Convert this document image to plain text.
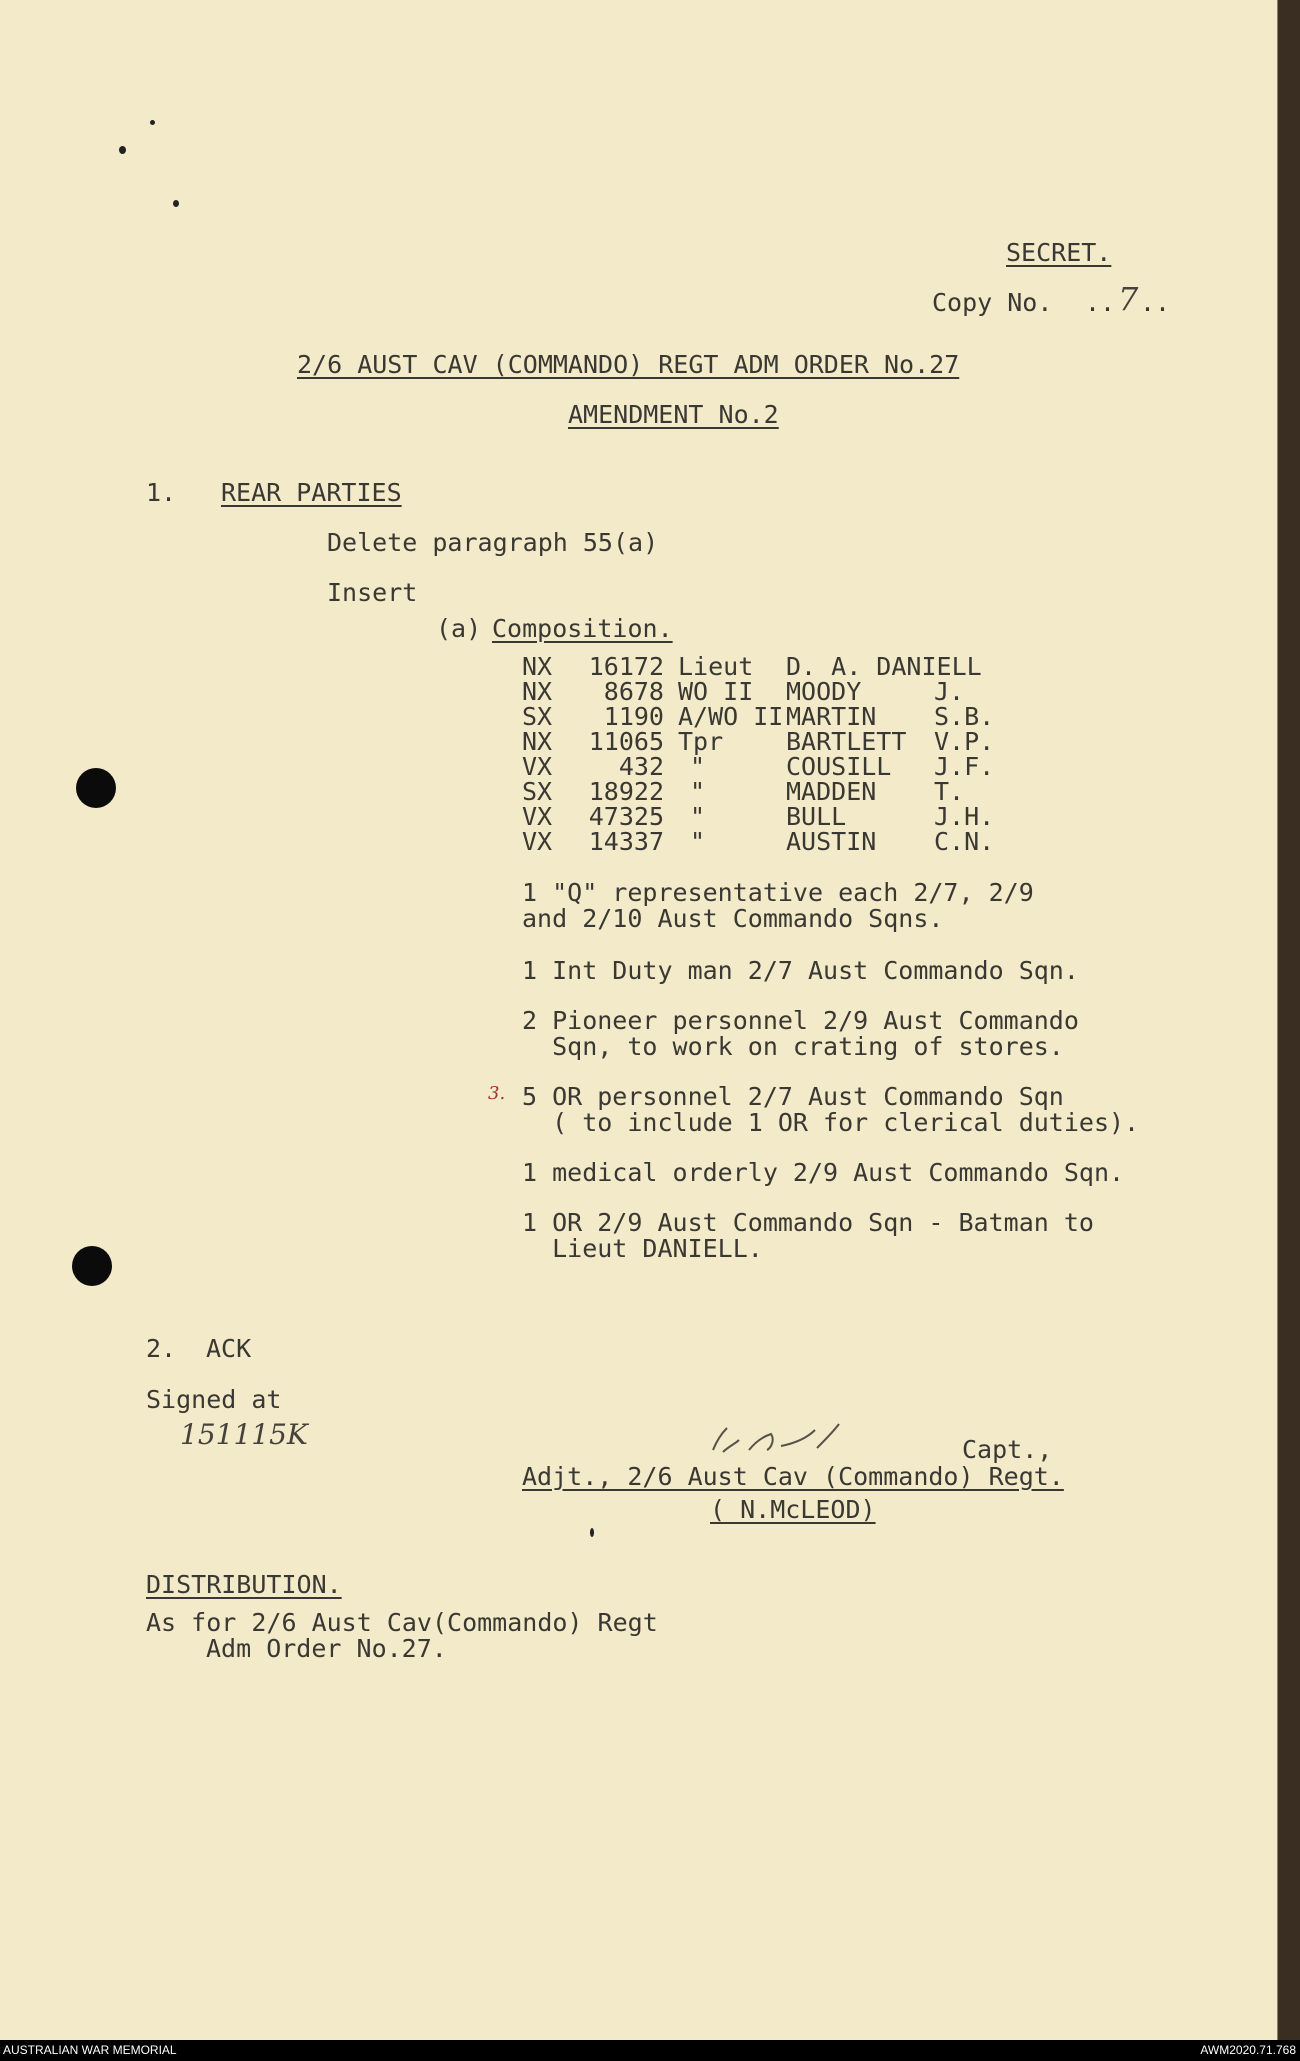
SECRET.
Copy No. .. 7 ..
2/6 AUST CAV (COMMANDO) REGT ADM ORDER No.27
AMENDMENT No.2
1. REAR PARTIES
Delete paragraph 55(a)
Insert
(a) Composition.
NX	16172	Lieut	D. A. DANIELL	
NX	8678	WO II	MOODY	J.
SX	1190	A/WO II	MARTIN	S.B.
NX	11065	Tpr	BARTLETT	V.P.
VX	432	"	COUSILL	J.F.
SX	18922	"	MADDEN	T.
VX	47325	"	BULL	J.H.
VX	14337	"	AUSTIN	C.N.
1 "Q" representative each 2/7, 2/9
and 2/10 Aust Commando Sqns.
1 Int Duty man 2/7 Aust Commando Sqn.
2 Pioneer personnel 2/9 Aust Commando
Sqn, to work on crating of stores.
3. 5 OR personnel 2/7 Aust Commando Sqn
( to include 1 OR for clerical duties).
1 medical orderly 2/9 Aust Commando Sqn.
1 OR 2/9 Aust Commando Sqn - Batman to
Lieut DANIELL.
2. ACK
Signed at
151115K	Capt.,
Adjt., 2/6 Aust Cav (Commando) Regt.
( N.McLEOD)
DISTRIBUTION.
As for 2/6 Aust Cav(Commando) Regt
Adm Order No.27.
AUSTRALIAN WAR MEMORIAL	AWM2020.71.768
